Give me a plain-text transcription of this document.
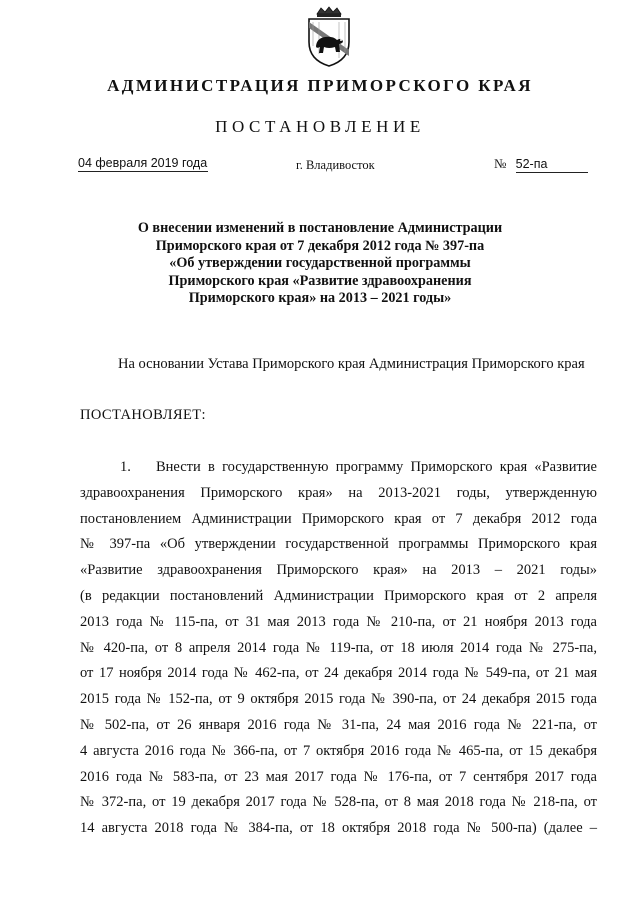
АДМИНИСТРАЦИЯ ПРИМОРСКОГО КРАЯ
ПОСТАНОВЛЕНИЕ
04 февраля 2019 года	г. Владивосток	№ 52-па
О внесении изменений в постановление Администрации
Приморского края от 7 декабря 2012 года № 397-па
«Об утверждении государственной программы
Приморского края «Развитие здравоохранения
Приморского края» на 2013 – 2021 годы»
На основании Устава Приморского края Администрация Приморского края
ПОСТАНОВЛЯЕТ:
1. Внести в государственную программу Приморского края «Развитие
здравоохранения Приморского края» на 2013-2021 годы, утвержденную
постановлением Администрации Приморского края от 7 декабря 2012 года
№ 397-па «Об утверждении государственной программы Приморского края
«Развитие здравоохранения Приморского края» на 2013 – 2021 годы»
(в редакции постановлений Администрации Приморского края от 2 апреля
2013 года № 115-па, от 31 мая 2013 года № 210-па, от 21 ноября 2013 года
№ 420-па, от 8 апреля 2014 года № 119-па, от 18 июля 2014 года № 275-па,
от 17 ноября 2014 года № 462-па, от 24 декабря 2014 года № 549-па, от 21 мая
2015 года № 152-па, от 9 октября 2015 года № 390-па, от 24 декабря 2015 года
№ 502-па, от 26 января 2016 года № 31-па, 24 мая 2016 года № 221-па, от
4 августа 2016 года № 366-па, от 7 октября 2016 года № 465-па, от 15 декабря
2016 года № 583-па, от 23 мая 2017 года № 176-па, от 7 сентября 2017 года
№ 372-па, от 19 декабря 2017 года № 528-па, от 8 мая 2018 года № 218-па, от
14 августа 2018 года № 384-па, от 18 октября 2018 года № 500-па) (далее –
